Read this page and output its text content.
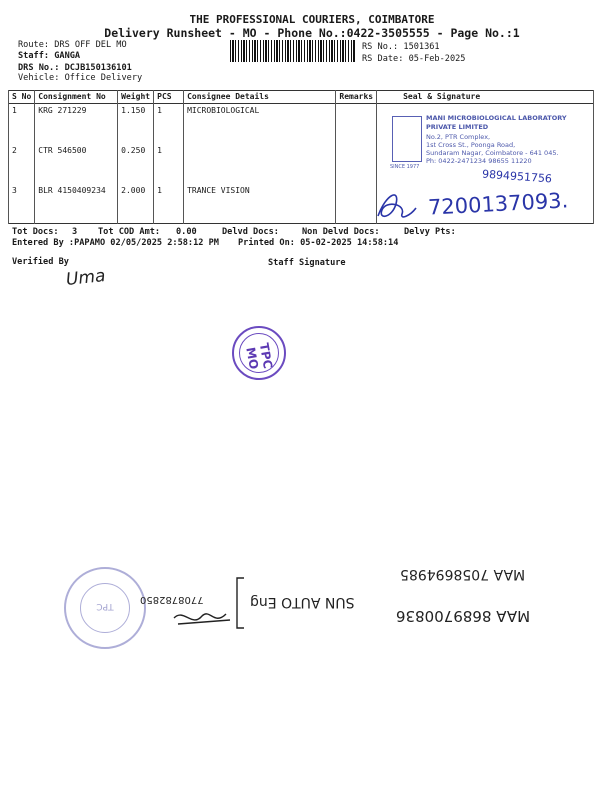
THE PROFESSIONAL COURIERS, COIMBATORE
Delivery Runsheet - MO - Phone No.:0422-3505555 - Page No.:1
Route: DRS OFF DEL MO
Staff: GANGA
DRS No.: DCJB150136101
Vehicle: Office Delivery
RS No.: 1501361
RS Date: 05-Feb-2025
S No	Consignment No	Weight	PCS	Consignee Details	Remarks	Seal & Signature
1	KRG 271229	1.150	1	MICROBIOLOGICAL		
2	CTR 546500	0.250	1			
3	BLR 4150409234	2.000	1	TRANCE VISION		
MANI MICROBIOLOGICAL LABORATORY
PRIVATE LIMITED
No.2, PTR Complex,
1st Cross St., Poonga Road,
Sundaram Nagar, Coimbatore - 641 045.
Ph: 0422-2471234 98655 11220
SINCE 1977
9894951756
7200137093.
Tot Docs: 3 Tot COD Amt: 0.00	Delvd Docs:	Non Delvd Docs:	Delvy Pts:
Entered By :PAPAMO 02/05/2025 2:58:12 PM Printed On: 05-02-2025 14:58:14
Verified By	Staff Signature
Uma
TPC MO
TPC
7708782850	SUN AUTO Eng
MAA 7058694985
MAA 8689700836
